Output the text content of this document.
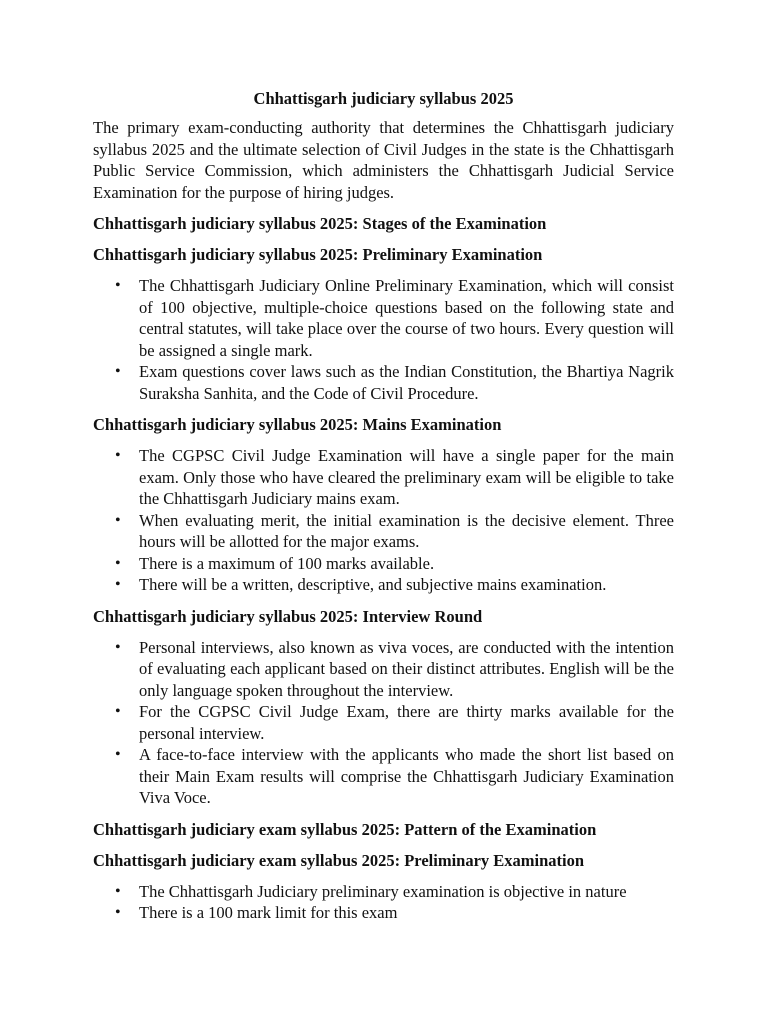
Chhattisgarh judiciary syllabus 2025

The primary exam-conducting authority that determines the Chhattisgarh judiciary syllabus 2025 and the ultimate selection of Civil Judges in the state is the Chhattisgarh Public Service Commission, which administers the Chhattisgarh Judicial Service Examination for the purpose of hiring judges.

Chhattisgarh judiciary syllabus 2025: Stages of the Examination
Chhattisgarh judiciary syllabus 2025: Preliminary Examination
• The Chhattisgarh Judiciary Online Preliminary Examination, which will consist of 100 objective, multiple-choice questions based on the following state and central statutes, will take place over the course of two hours. Every question will be assigned a single mark.
• Exam questions cover laws such as the Indian Constitution, the Bhartiya Nagrik Suraksha Sanhita, and the Code of Civil Procedure.
Chhattisgarh judiciary syllabus 2025: Mains Examination
• The CGPSC Civil Judge Examination will have a single paper for the main exam. Only those who have cleared the preliminary exam will be eligible to take the Chhattisgarh Judiciary mains exam.
• When evaluating merit, the initial examination is the decisive element. Three hours will be allotted for the major exams.
• There is a maximum of 100 marks available.
• There will be a written, descriptive, and subjective mains examination.
Chhattisgarh judiciary syllabus 2025: Interview Round
• Personal interviews, also known as viva voces, are conducted with the intention of evaluating each applicant based on their distinct attributes. English will be the only language spoken throughout the interview.
• For the CGPSC Civil Judge Exam, there are thirty marks available for the personal interview.
• A face-to-face interview with the applicants who made the short list based on their Main Exam results will comprise the Chhattisgarh Judiciary Examination Viva Voce.
Chhattisgarh judiciary exam syllabus 2025: Pattern of the Examination
Chhattisgarh judiciary exam syllabus 2025: Preliminary Examination
• The Chhattisgarh Judiciary preliminary examination is objective in nature
• There is a 100 mark limit for this exam
